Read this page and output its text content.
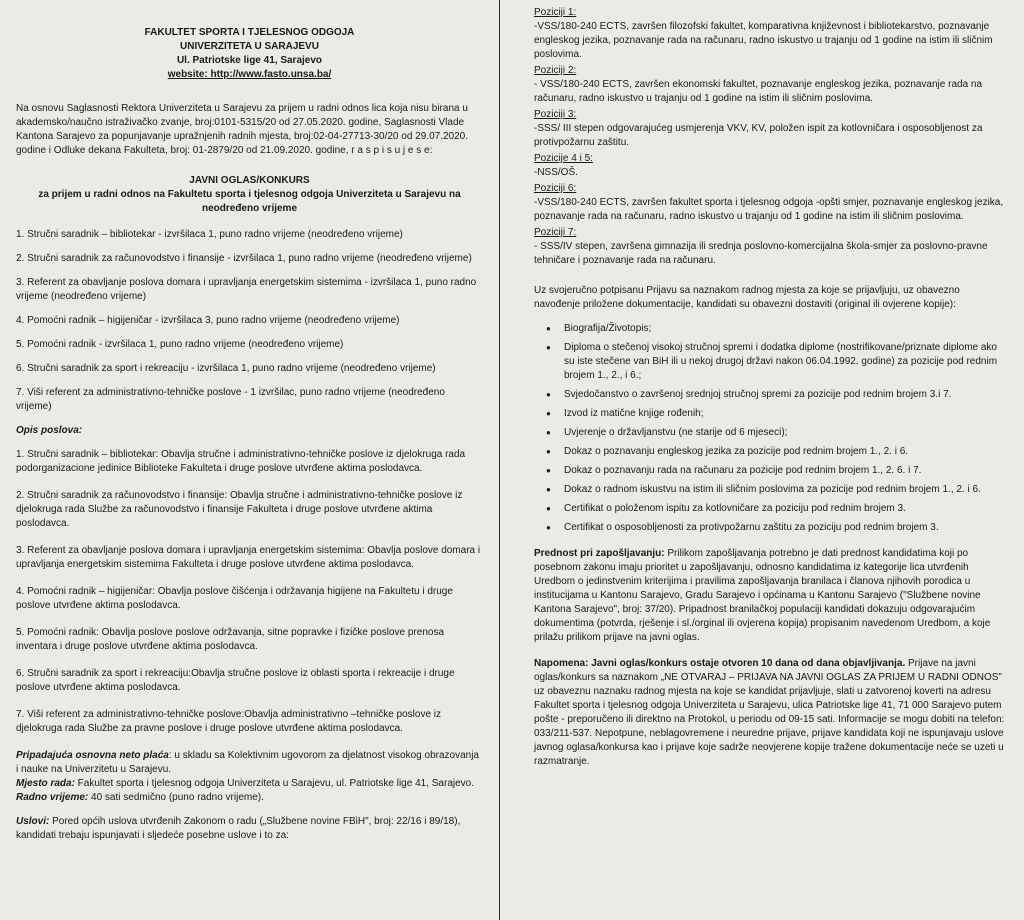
FAKULTET SPORTA I TJELESNOG ODGOJA
UNIVERZITETA U SARAJEVU
Ul. Patriotske lige 41, Sarajevo
website: http://www.fasto.unsa.ba/

Na osnovu Saglasnosti Rektora Univerziteta u Sarajevu za prijem u radni odnos lica koja nisu birana u akademsko/naučno istraživačko zvanje, broj:0101-5315/20 od 27.05.2020. godine, Saglasnosti Vlade Kantona Sarajevo za popunjavanje upražnjenih radnih mjesta, broj:02-04-27713-30/20 od 29.07.2020. godine i Odluke dekana Fakulteta, broj: 01-2879/20 od 21.09.2020. godine, r a s p i s u j e s e:

JAVNI OGLAS/KONKURS
za prijem u radni odnos na Fakultetu sporta i tjelesnog odgoja Univerziteta u Sarajevu na neodređeno vrijeme
1. Stručni saradnik – bibliotekar - izvršilaca 1, puno radno vrijeme (neodređeno vrijeme)
2. Stručni saradnik za računovodstvo i finansije - izvršilaca 1, puno radno vrijeme (neodređeno vrijeme)
3. Referent za obavljanje poslova domara i upravljanja energetskim sistemima - izvršilaca 1, puno radno vrijeme (neodređeno vrijeme)
4. Pomoćni radnik – higijeničar - izvršilaca 3, puno radno vrijeme (neodređeno vrijeme)
5. Pomoćni radnik - izvršilaca 1, puno radno vrijeme (neodređeno vrijeme)
6. Stručni saradnik za sport i rekreaciju - izvršilaca 1, puno radno vrijeme (neodređeno vrijeme)
7. Viši referent za administrativno-tehničke poslove - 1 izvršilac, puno radno vrijeme (neodređeno vrijeme)
Opis poslova:

1. Stručni saradnik – bibliotekar: Obavlja stručne i administrativno-tehničke poslove iz djelokruga rada podorganizacione jedinice Biblioteke Fakulteta i druge poslove utvrđene aktima poslodavca.

2. Stručni saradnik za računovodstvo i finansije: Obavlja stručne i administrativno-tehničke poslove iz djelokruga rada Službe za računovodstvo i finansije Fakulteta i druge poslove utvrđene aktima poslodavca.

3. Referent za obavljanje poslova domara i upravljanja energetskim sistemima: Obavlja poslove domara i upravljanja energetskim sistemima Fakulteta i druge poslove utvrđene aktima poslodavca.

4. Pomoćni radnik – higijeničar: Obavlja poslove čišćenja i održavanja higijene na Fakultetu i druge poslove utvrđene aktima poslodavca.

5. Pomoćni radnik: Obavlja poslove poslove održavanja, sitne popravke i fizičke poslove prenosa inventara i druge poslove utvrđene aktima poslodavca.

6. Stručni saradnik za sport i rekreaciju:Obavlja stručne poslove iz oblasti sporta i rekreacije i druge poslove utvrđene aktima poslodavca.

7. Viši referent za administrativno-tehničke poslove:Obavlja administrativno –tehničke poslove iz djelokruga rada Službe za pravne poslove i druge poslove utvrđene aktima poslodavca.

Pripadajuća osnovna neto plaća: u skladu sa Kolektivnim ugovorom za djelatnost visokog obrazovanja i nauke na Univerzitetu u Sarajevu.

Mjesto rada: Fakultet sporta i tjelesnog odgoja Univerziteta u Sarajevu, ul. Patriotske lige 41, Sarajevo.

Radno vrijeme: 40 sati sedmično (puno radno vrijeme).

Uslovi: Pored općih uslova utvrđenih Zakonom o radu („Službene novine FBiH", broj: 22/16 i 89/18), kandidati trebaju ispunjavati i sljedeće posebne uslove i to za:

Poziciji 1:

-VSS/180-240 ECTS, završen filozofski fakultet, komparativna književnost i bibliotekarstvo, poznavanje engleskog jezika, poznavanje rada na računaru, radno iskustvo u trajanju od 1 godine na istim ili sličnim poslovima.

Poziciji 2:

- VSS/180-240 ECTS, završen ekonomski fakultet, poznavanje engleskog jezika, poznavanje rada na računaru, radno iskustvo u trajanju od 1 godine na istim ili sličnim poslovima.

Poziciji 3:

-SSS/ III stepen odgovarajućeg usmjerenja VKV, KV, položen ispit za kotlovničara i osposobljenost za protivpožarnu zaštitu.

Pozicije 4 i 5:

-NSS/OŠ.

Poziciji 6:

-VSS/180-240 ECTS, završen fakultet sporta i tjelesnog odgoja -opšti smjer, poznavanje engleskog jezika, poznavanje rada na računaru, radno iskustvo u trajanju od 1 godine na istim ili sličnim poslovima.

Poziciji 7:

- SSS/IV stepen, završena gimnazija ili srednja poslovno-komercijalna škola-smjer za poslovno-pravne tehničare i poznavanje rada na računaru.

Uz svojeručno potpisanu Prijavu sa naznakom radnog mjesta za koje se prijavljuju, uz obavezno navođenje priložene dokumentacije, kandidati su obavezni dostaviti (original ili ovjerene kopije):

● Biografija/Životopis;
● Diploma o stečenoj visokoj stručnoj spremi i dodatka diplome (nostrifikovane/priznate diplome ako su iste stečene van BiH ili u nekoj drugoj državi nakon 06.04.1992. godine) za pozicije pod rednim brojem 1., 2., i 6.;
● Svjedočanstvo o završenoj srednjoj stručnoj spremi za pozicije pod rednim brojem 3.i 7.
● Izvod iz matične knjige rođenih;
● Uvjerenje o državljanstvu (ne starije od 6 mjeseci);
● Dokaz o poznavanju engleskog jezika za pozicije pod rednim brojem 1., 2. i 6.
● Dokaz o poznavanju rada na računaru za pozicije pod rednim brojem 1., 2. 6. i 7.
● Dokaz o radnom iskustvu na istim ili sličnim poslovima za pozicije pod rednim brojem 1., 2. i 6.
● Certifikat o položenom ispitu za kotlovničare za poziciju pod rednim brojem 3.
● Certifikat o osposobljenosti za protivpožarnu zaštitu za poziciju pod rednim brojem 3.

Prednost pri zapošljavanju: Prilikom zapošljavanja potrebno je dati prednost kandidatima koji po posebnom zakonu imaju prioritet u zapošljavanju, odnosno kandidatima iz kategorije lica utvrđenih Uredbom o jedinstvenim kriterijima i pravilima zapošljavanja branilaca i članova njihovih porodica u institucijama u Kantonu Sarajevo, Gradu Sarajevo i općinama u Kantonu Sarajevo ("Službene novine Kantona Sarajevo", broj: 37/20). Pripadnost branilačkoj populaciji kandidati dokazuju odgovarajućim dokumentima (potvrda, rješenje i sl./orginal ili ovjerena kopija) propisanim navedenom Uredbom, a koje prilažu prilikom prijave na javni oglas.

Napomena: Javni oglas/konkurs ostaje otvoren 10 dana od dana objavljivanja. Prijave na javni oglas/konkurs sa naznakom „NE OTVARAJ – PRIJAVA NA JAVNI OGLAS ZA PRIJEM U RADNI ODNOS" uz obaveznu naznaku radnog mjesta na koje se kandidat prijavljuje, slati u zatvorenoj koverti na adresu Fakultet sporta i tjelesnog odgoja Univerziteta u Sarajevu, ulica Patriotske lige 41, 71 000 Sarajevo putem pošte - preporučeno ili direktno na Protokol, u periodu od 09-15 sati. Informacije se mogu dobiti na telefon: 033/211-537. Nepotpune, neblagovremene i neuredne prijave, prijave kandidata koji ne ispunjavaju uslove javnog oglasa/konkursa kao i prijave koje sadrže neovjerene kopije tražene dokumentacije neće se uzeti u razmatranje.
